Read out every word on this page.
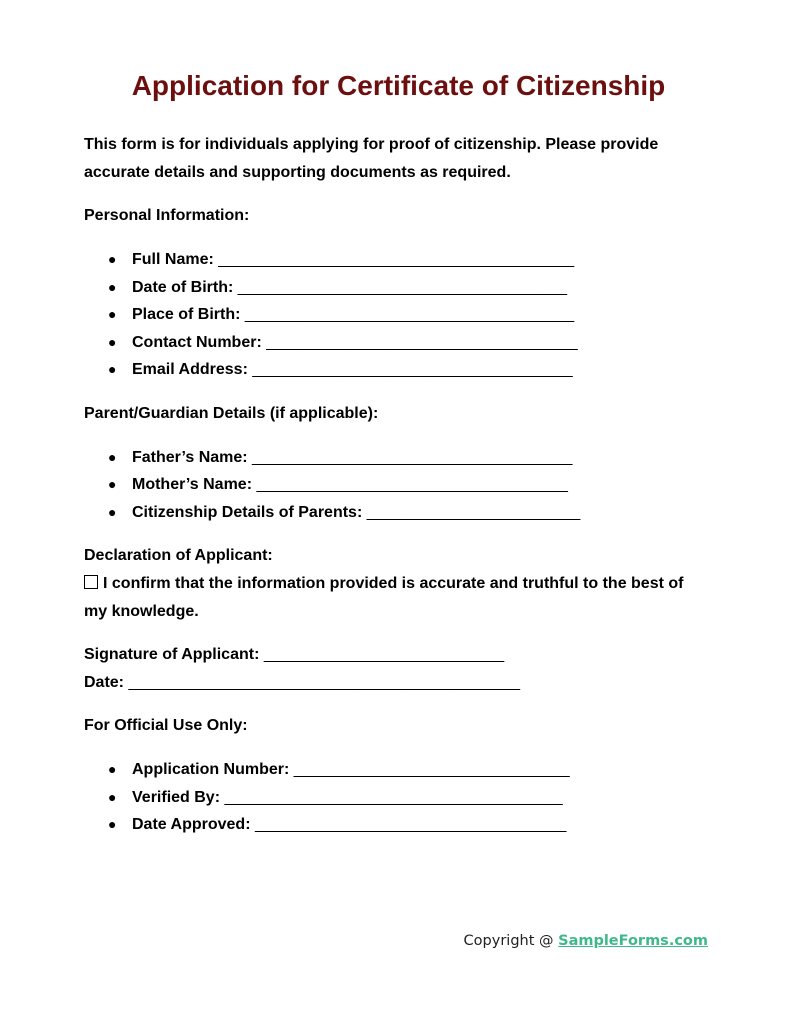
Application for Certificate of Citizenship

This form is for individuals applying for proof of citizenship. Please provide accurate details and supporting documents as required.

Personal Information:

● Full Name: ________________________________________
● Date of Birth: _____________________________________
● Place of Birth: _____________________________________
● Contact Number: ___________________________________
● Email Address: ____________________________________

Parent/Guardian Details (if applicable):

● Father’s Name: ____________________________________
● Mother’s Name: ___________________________________
● Citizenship Details of Parents: ________________________

Declaration of Applicant:

I confirm that the information provided is accurate and truthful to the best of my knowledge.

Signature of Applicant: ___________________________

Date: ____________________________________________

For Official Use Only:

● Application Number: _______________________________
● Verified By: ______________________________________
● Date Approved: ___________________________________
Copyright @ SampleForms.com
